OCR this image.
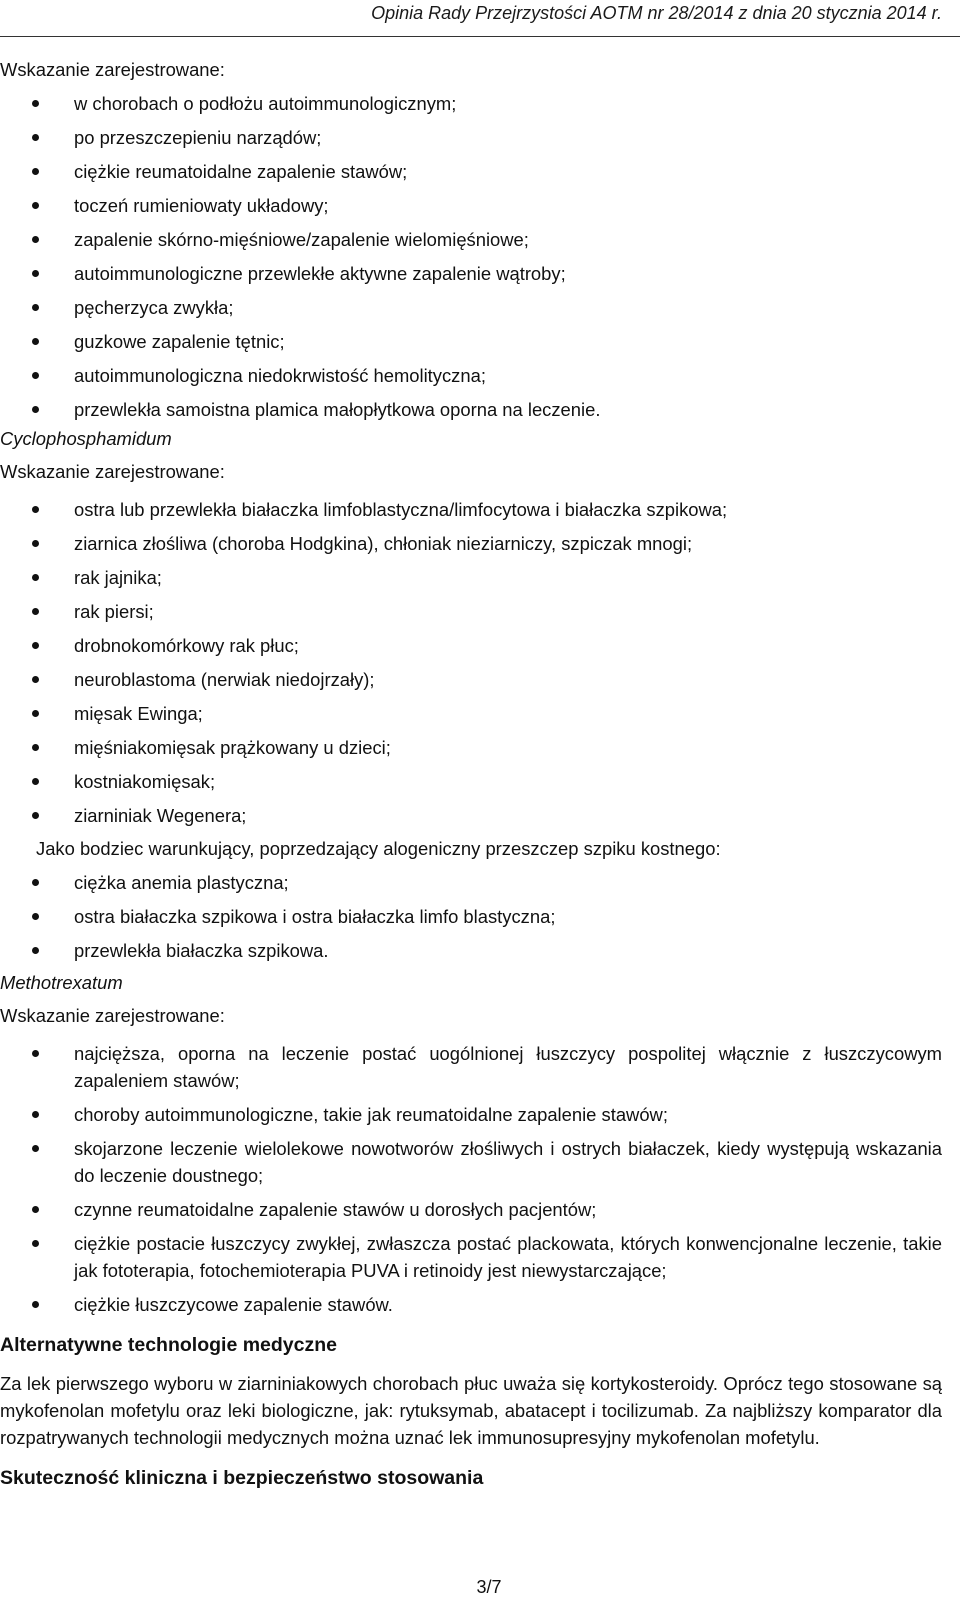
Opinia Rady Przejrzystości AOTM nr 28/2014 z dnia 20 stycznia 2014 r.

Wskazanie zarejestrowane:

w chorobach o podłożu autoimmunologicznym;
po przeszczepieniu narządów;
ciężkie reumatoidalne zapalenie stawów;
toczeń rumieniowaty układowy;
zapalenie skórno-mięśniowe/zapalenie wielomięśniowe;
autoimmunologiczne przewlekłe aktywne zapalenie wątroby;
pęcherzyca zwykła;
guzkowe zapalenie tętnic;
autoimmunologiczna niedokrwistość hemolityczna;
przewlekła samoistna plamica małopłytkowa oporna na leczenie.

Cyclophosphamidum

Wskazanie zarejestrowane:

ostra lub przewlekła białaczka limfoblastyczna/limfocytowa i białaczka szpikowa;
ziarnica złośliwa (choroba Hodgkina), chłoniak nieziarniczy, szpiczak mnogi;
rak jajnika;
rak piersi;
drobnokomórkowy rak płuc;
neuroblastoma (nerwiak niedojrzały);
mięsak Ewinga;
mięśniakomięsak prążkowany u dzieci;
kostniakomięsak;
ziarniniak Wegenera;

Jako bodziec warunkujący, poprzedzający alogeniczny przeszczep szpiku kostnego:

ciężka anemia plastyczna;
ostra białaczka szpikowa i ostra białaczka limfo blastyczna;
przewlekła białaczka szpikowa.

Methotrexatum

Wskazanie zarejestrowane:

najcięższa, oporna na leczenie postać uogólnionej łuszczycy pospolitej włącznie z łuszczycowym zapaleniem stawów;
choroby autoimmunologiczne, takie jak reumatoidalne zapalenie stawów;
skojarzone leczenie wielolekowe nowotworów złośliwych i ostrych białaczek, kiedy występują wskazania do leczenie doustnego;
czynne reumatoidalne zapalenie stawów u dorosłych pacjentów;
ciężkie postacie łuszczycy zwykłej, zwłaszcza postać plackowata, których konwencjonalne leczenie, takie jak fototerapia, fotochemioterapia PUVA i retinoidy jest niewystarczające;
ciężkie łuszczycowe zapalenie stawów.

Alternatywne technologie medyczne

Za lek pierwszego wyboru w ziarniniakowych chorobach płuc uważa się kortykosteroidy. Oprócz tego stosowane są mykofenolan mofetylu oraz leki biologiczne, jak: rytuksymab, abatacept i tocilizumab. Za najbliższy komparator dla rozpatrywanych technologii medycznych można uznać lek immunosupresyjny mykofenolan mofetylu.

Skuteczność kliniczna i bezpieczeństwo stosowania

3/7
